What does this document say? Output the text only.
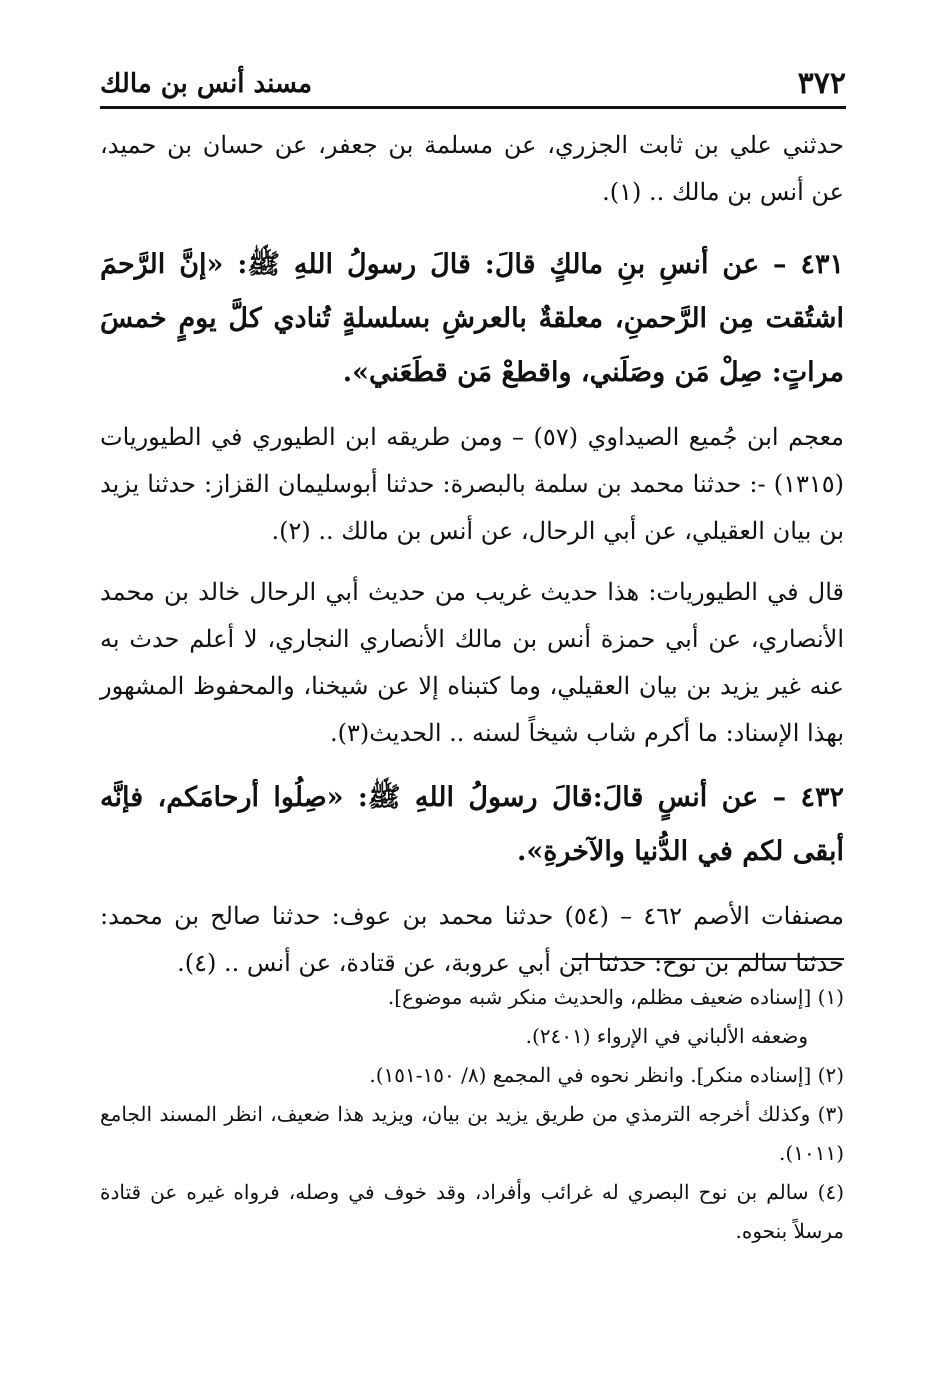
٣٧٢
مسند أنس بن مالك

حدثني علي بن ثابت الجزري، عن مسلمة بن جعفر، عن حسان بن حميد، عن أنس بن مالك .. (١).

٤٣١ – عن أنسِ بنِ مالكٍ قالَ: قالَ رسولُ اللهِ ﷺ: «إنَّ الرَّحمَ اشتُقت مِن الرَّحمنِ، معلقةٌ بالعرشِ بسلسلةٍ تُنادي كلَّ يومٍ خمسَ مراتٍ: صِلْ مَن وصَلَني، واقطعْ مَن قطَعَني».

معجم ابن جُميع الصيداوي (٥٧) – ومن طريقه ابن الطيوري في الطيوريات (١٣١٥) -: حدثنا محمد بن سلمة بالبصرة: حدثنا أبوسليمان القزاز: حدثنا يزيد بن بيان العقيلي، عن أبي الرحال، عن أنس بن مالك .. (٢).

قال في الطيوريات: هذا حديث غريب من حديث أبي الرحال خالد بن محمد الأنصاري، عن أبي حمزة أنس بن مالك الأنصاري النجاري، لا أعلم حدث به عنه غير يزيد بن بيان العقيلي، وما كتبناه إلا عن شيخنا، والمحفوظ المشهور بهذا الإسناد: ما أكرم شاب شيخاً لسنه .. الحديث(٣).

٤٣٢ – عن أنسٍ قالَ:قالَ رسولُ اللهِ ﷺ: «صِلُوا أرحامَكم، فإنَّه أبقى لكم في الدُّنيا والآخرةِ».

مصنفات الأصم ٤٦٢ – (٥٤) حدثنا محمد بن عوف: حدثنا صالح بن محمد: حدثنا سالم بن نوح: حدثنا ابن أبي عروبة، عن قتادة، عن أنس .. (٤).

(١) [إسناده ضعيف مظلم، والحديث منكر شبه موضوع].

وضعفه الألباني في الإرواء (٢٤٠١).

(٢) [إسناده منكر]. وانظر نحوه في المجمع (٨/ ١٥٠-١٥١).

(٣) وكذلك أخرجه الترمذي من طريق يزيد بن بيان، ويزيد هذا ضعيف، انظر المسند الجامع (١٠١١).

(٤) سالم بن نوح البصري له غرائب وأفراد، وقد خوف في وصله، فرواه غيره عن قتادة مرسلاً بنحوه.
